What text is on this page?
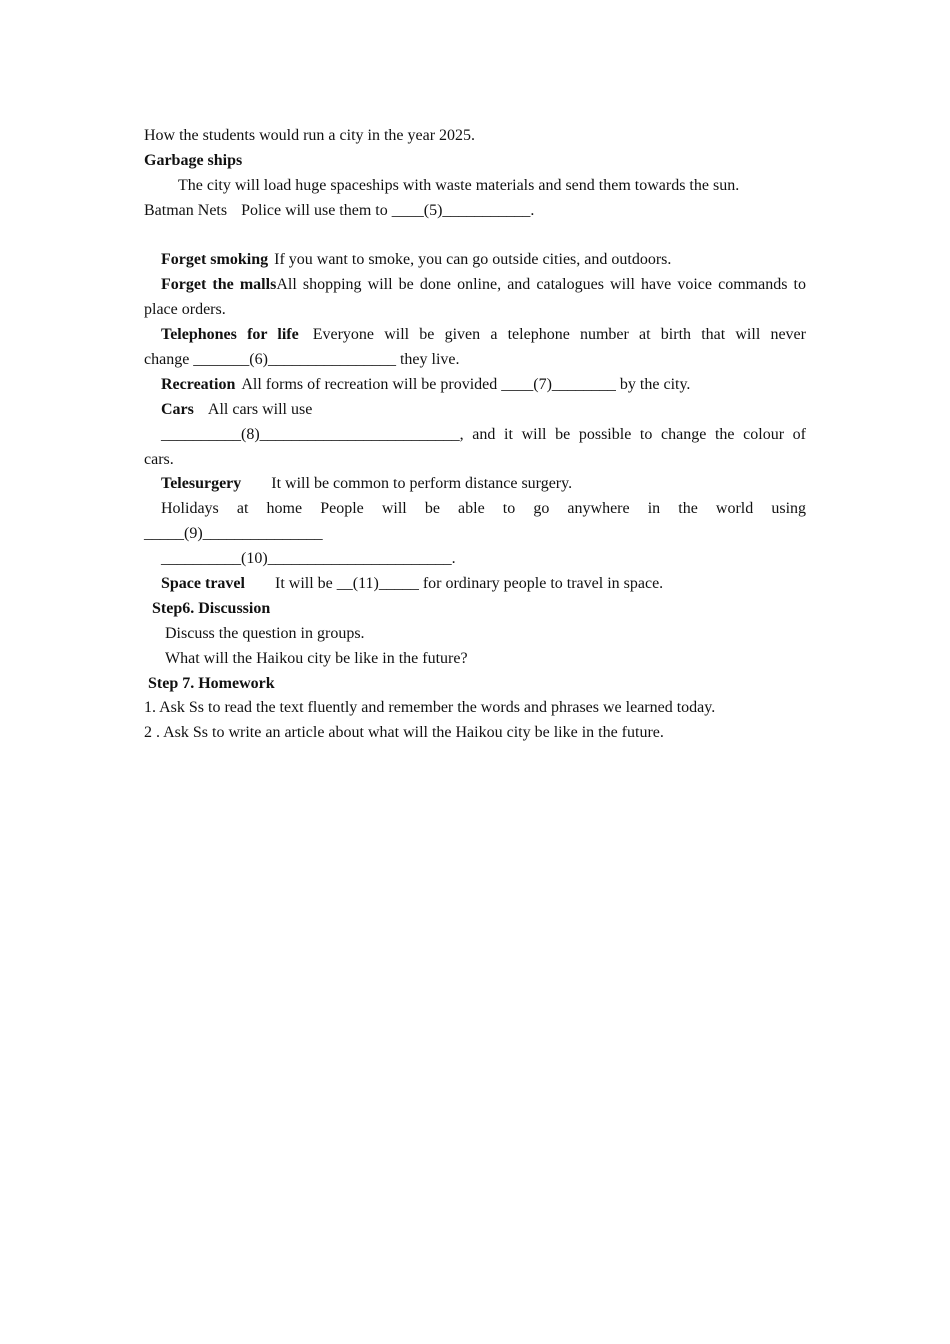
How the students would run a city in the year 2025.
Garbage ships
The city will load huge spaceships with waste materials and send them towards the sun.
Batman Nets Police will use them to ____(5)___________.
Forget smoking If you want to smoke, you can go outside cities, and outdoors.
Forget the mallsAll shopping will be done online, and catalogues will have voice commands to
place orders.
Telephones for life Everyone will be given a telephone number at birth that will never
change _______(6)________________ they live.
Recreation All forms of recreation will be provided ____(7)________ by the city.
Cars All cars will use
__________(8)_________________________, and it will be possible to change the colour of
cars.
Telesurgery It will be common to perform distance surgery.
Holidays at home People will be able to go anywhere in the world using
_____(9)_______________
__________(10)_______________________.
Space travel It will be __(11)_____ for ordinary people to travel in space.
Step6. Discussion
Discuss the question in groups.
What will the Haikou city be like in the future?
Step 7. Homework
1. Ask Ss to read the text fluently and remember the words and phrases we learned today.
2 . Ask Ss to write an article about what will the Haikou city be like in the future.
